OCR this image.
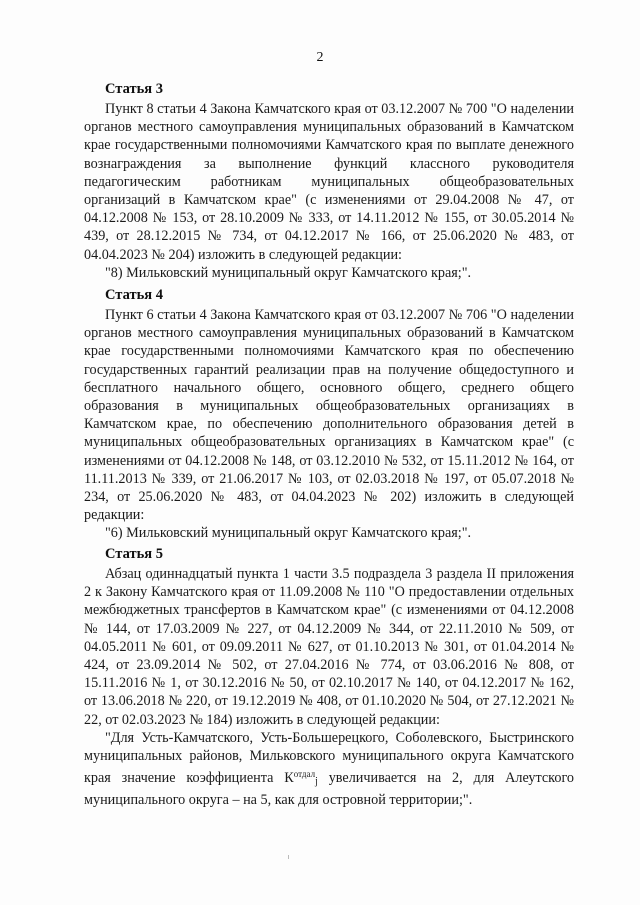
2

Статья 3

Пункт 8 статьи 4 Закона Камчатского края от 03.12.2007 № 700 "О наделении органов местного самоуправления муниципальных образований в Камчатском крае государственными полномочиями Камчатского края по выплате денежного вознаграждения за выполнение функций классного руководителя педагогическим работникам муниципальных общеобразовательных организаций в Камчатском крае" (с изменениями от 29.04.2008 № 47, от 04.12.2008 № 153, от 28.10.2009 № 333, от 14.11.2012 № 155, от 30.05.2014 № 439, от 28.12.2015 № 734, от 04.12.2017 № 166, от 25.06.2020 № 483, от 04.04.2023 № 204) изложить в следующей редакции:

"8) Мильковский муниципальный округ Камчатского края;".

Статья 4

Пункт 6 статьи 4 Закона Камчатского края от 03.12.2007 № 706 "О наделении органов местного самоуправления муниципальных образований в Камчатском крае государственными полномочиями Камчатского края по обеспечению государственных гарантий реализации прав на получение общедоступного и бесплатного начального общего, основного общего, среднего общего образования в муниципальных общеобразовательных организациях в Камчатском крае, по обеспечению дополнительного образования детей в муниципальных общеобразовательных организациях в Камчатском крае" (с изменениями от 04.12.2008 № 148, от 03.12.2010 № 532, от 15.11.2012 № 164, от 11.11.2013 № 339, от 21.06.2017 № 103, от 02.03.2018 № 197, от 05.07.2018 № 234, от 25.06.2020 № 483, от 04.04.2023 № 202) изложить в следующей редакции:

"6) Мильковский муниципальный округ Камчатского края;".

Статья 5

Абзац одиннадцатый пункта 1 части 3.5 подраздела 3 раздела II приложения 2 к Закону Камчатского края от 11.09.2008 № 110 "О предоставлении отдельных межбюджетных трансфертов в Камчатском крае" (с изменениями от 04.12.2008 № 144, от 17.03.2009 № 227, от 04.12.2009 № 344, от 22.11.2010 № 509, от 04.05.2011 № 601, от 09.09.2011 № 627, от 01.10.2013 № 301, от 01.04.2014 № 424, от 23.09.2014 № 502, от 27.04.2016 № 774, от 03.06.2016 № 808, от 15.11.2016 № 1, от 30.12.2016 № 50, от 02.10.2017 № 140, от 04.12.2017 № 162, от 13.06.2018 № 220, от 19.12.2019 № 408, от 01.10.2020 № 504, от 27.12.2021 № 22, от 02.03.2023 № 184) изложить в следующей редакции:

"Для Усть-Камчатского, Усть-Большерецкого, Соболевского, Быстринского муниципальных районов, Мильковского муниципального округа Камчатского края значение коэффициента $К^{отдал}_j$ увеличивается на 2, для Алеутского муниципального округа – на 5, как для островной территории;".
